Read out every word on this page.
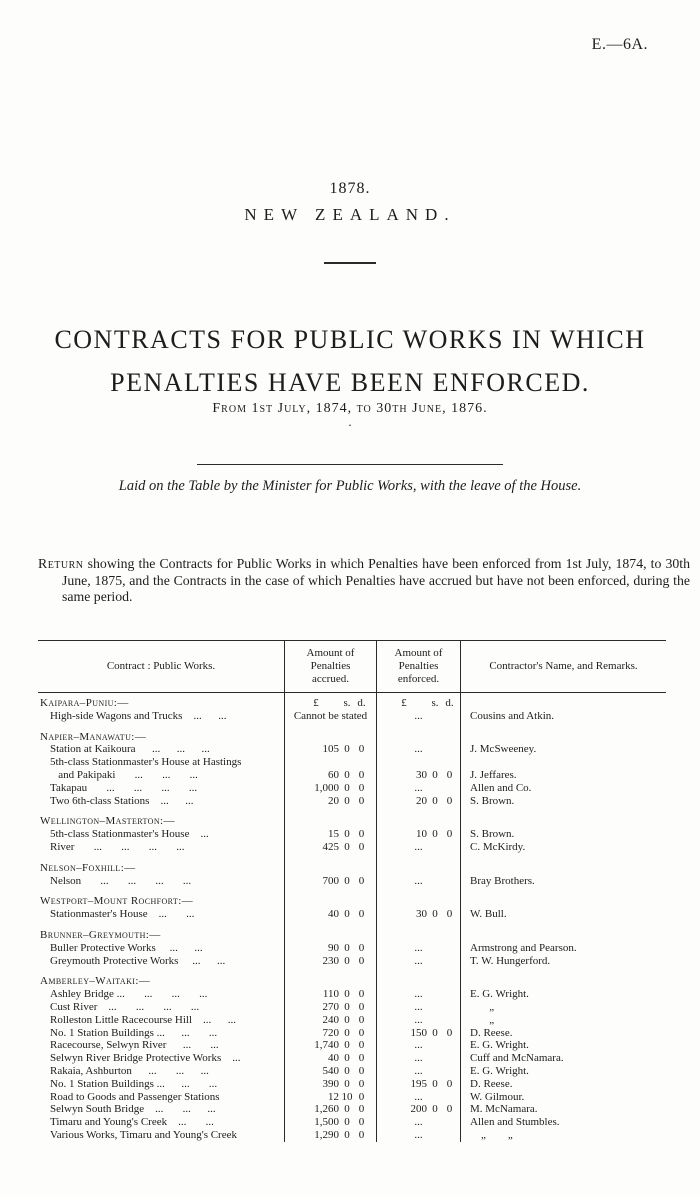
E.—6A.
1878.
NEW ZEALAND.
CONTRACTS FOR PUBLIC WORKS IN WHICH
PENALTIES HAVE BEEN ENFORCED.
From 1st July, 1874, to 30th June, 1876.
.
Laid on the Table by the Minister for Public Works, with the leave of the House.

Return showing the Contracts for Public Works in which Penalties have been enforced from 1st July, 1874, to 30th June, 1875, and the Contracts in the case of which Penalties have accrued but have not been enforced, during the same period.

Contract : Public Works.
Amount of Penalties accrued.
Amount of Penalties enforced.
Contractor's Name, and Remarks.
Kaipara–Puniu:—	£ s. d.	£ s. d.
High-side Wagons and Trucks    ...      ...	Cannot be stated	...	Cousins and Atkin.
Napier–Manawatu:—
Station at Kaikoura      ...      ...      ...	105 0 0	...	J. McSweeney.
5th-class Stationmaster's House at Hastings
and Pakipaki       ...       ...       ...	60 0 0	30 0 0	J. Jeffares.
Takapau       ...       ...       ...       ...	1,000 0 0	...	Allen and Co.
Two 6th-class Stations    ...      ...	20 0 0	20 0 0	S. Brown.
Wellington–Masterton:—
5th-class Stationmaster's House    ...	15 0 0	10 0 0	S. Brown.
River       ...       ...       ...       ...	425 0 0	...	C. McKirdy.
Nelson–Foxhill:—
Nelson       ...       ...       ...       ...	700 0 0	...	Bray Brothers.
Westport–Mount Rochfort:—
Stationmaster's House    ...       ...	40 0 0	30 0 0	W. Bull.
Brunner–Greymouth:—
Buller Protective Works     ...      ...	90 0 0	...	Armstrong and Pearson.
Greymouth Protective Works     ...      ...	230 0 0	...	T. W. Hungerford.
Amberley–Waitaki:—
Ashley Bridge ...       ...       ...       ...	110 0 0	...	E. G. Wright.
Cust River    ...       ...       ...       ...	270 0 0	...	„
Rolleston Little Racecourse Hill    ...      ...	240 0 0	...	„
No. 1 Station Buildings ...      ...       ...	720 0 0	150 0 0	D. Reese.
Racecourse, Selwyn River      ...       ...	1,740 0 0	...	E. G. Wright.
Selwyn River Bridge Protective Works    ...	40 0 0	...	Cuff and McNamara.
Rakaia, Ashburton      ...       ...      ...	540 0 0	...	E. G. Wright.
No. 1 Station Buildings ...      ...       ...	390 0 0	195 0 0	D. Reese.
Road to Goods and Passenger Stations	12 10 0	...	W. Gilmour.
Selwyn South Bridge    ...       ...      ...	1,260 0 0	200 0 0	M. McNamara.
Timaru and Young's Creek    ...       ...	1,500 0 0	...	Allen and Stumbles.
Various Works, Timaru and Young's Creek	1,290 0 0	...	„        „
